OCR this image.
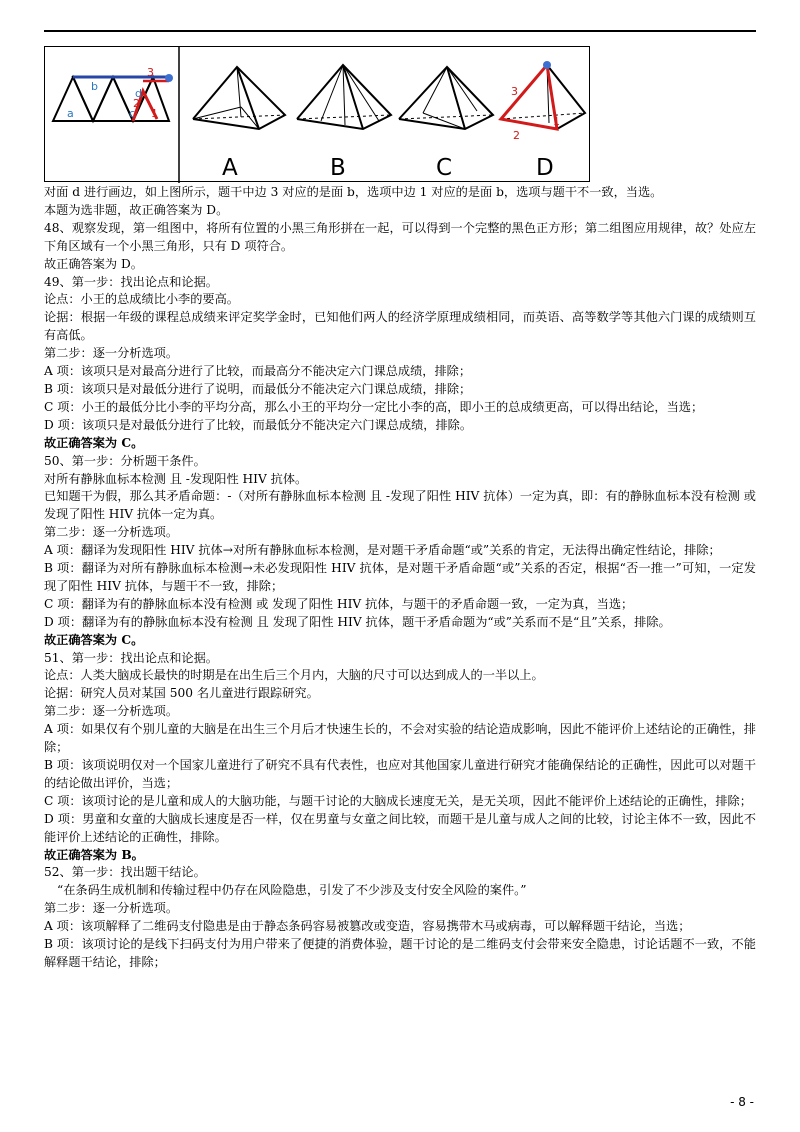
a
b
c
d
1
2
3
3
2
1
A	B	C	D

对面 d 进行画边，如上图所示，题干中边 3 对应的是面 b，选项中边 1 对应的是面 b，选项与题干不一致，当选。

本题为选非题，故正确答案为 D。

48、观察发现，第一组图中，将所有位置的小黑三角形拼在一起，可以得到一个完整的黑色正方形；第二组图应用规律，故？处应左下角区域有一个小黑三角形，只有 D 项符合。

故正确答案为 D。

49、第一步：找出论点和论据。

论点：小王的总成绩比小李的要高。

论据：根据一年级的课程总成绩来评定奖学金时，已知他们两人的经济学原理成绩相同，而英语、高等数学等其他六门课的成绩则互有高低。

第二步：逐一分析选项。

A 项：该项只是对最高分进行了比较，而最高分不能决定六门课总成绩，排除；

B 项：该项只是对最低分进行了说明，而最低分不能决定六门课总成绩，排除；

C 项：小王的最低分比小李的平均分高，那么小王的平均分一定比小李的高，即小王的总成绩更高，可以得出结论，当选；

D 项：该项只是对最低分进行了比较，而最低分不能决定六门课总成绩，排除。

故正确答案为 C。

50、第一步：分析题干条件。

对所有静脉血标本检测 且 -发现阳性 HIV 抗体。

已知题干为假，那么其矛盾命题：-（对所有静脉血标本检测 且 -发现了阳性 HIV 抗体）一定为真，即：有的静脉血标本没有检测 或 发现了阳性 HIV 抗体一定为真。

第二步：逐一分析选项。

A 项：翻译为发现阳性 HIV 抗体→对所有静脉血标本检测，是对题干矛盾命题“或”关系的肯定，无法得出确定性结论，排除；

B 项：翻译为对所有静脉血标本检测→未必发现阳性 HIV 抗体，是对题干矛盾命题“或”关系的否定，根据“否一推一”可知，一定发现了阳性 HIV 抗体，与题干不一致，排除；

C 项：翻译为有的静脉血标本没有检测 或 发现了阳性 HIV 抗体，与题干的矛盾命题一致，一定为真，当选；

D 项：翻译为有的静脉血标本没有检测 且 发现了阳性 HIV 抗体，题干矛盾命题为“或”关系而不是“且”关系，排除。

故正确答案为 C。

51、第一步：找出论点和论据。

论点：人类大脑成长最快的时期是在出生后三个月内，大脑的尺寸可以达到成人的一半以上。

论据：研究人员对某国 500 名儿童进行跟踪研究。

第二步：逐一分析选项。

A 项：如果仅有个别儿童的大脑是在出生三个月后才快速生长的，不会对实验的结论造成影响，因此不能评价上述结论的正确性，排除；

B 项：该项说明仅对一个国家儿童进行了研究不具有代表性，也应对其他国家儿童进行研究才能确保结论的正确性，因此可以对题干的结论做出评价，当选；

C 项：该项讨论的是儿童和成人的大脑功能，与题干讨论的大脑成长速度无关，是无关项，因此不能评价上述结论的正确性，排除；

D 项：男童和女童的大脑成长速度是否一样，仅在男童与女童之间比较，而题干是儿童与成人之间的比较，讨论主体不一致，因此不能评价上述结论的正确性，排除。

故正确答案为 B。

52、第一步：找出题干结论。

“在条码生成机制和传输过程中仍存在风险隐患，引发了不少涉及支付安全风险的案件。”

第二步：逐一分析选项。

A 项：该项解释了二维码支付隐患是由于静态条码容易被篡改或变造，容易携带木马或病毒，可以解释题干结论，当选；

B 项：该项讨论的是线下扫码支付为用户带来了便捷的消费体验，题干讨论的是二维码支付会带来安全隐患，讨论话题不一致，不能解释题干结论，排除；

- 8 -
